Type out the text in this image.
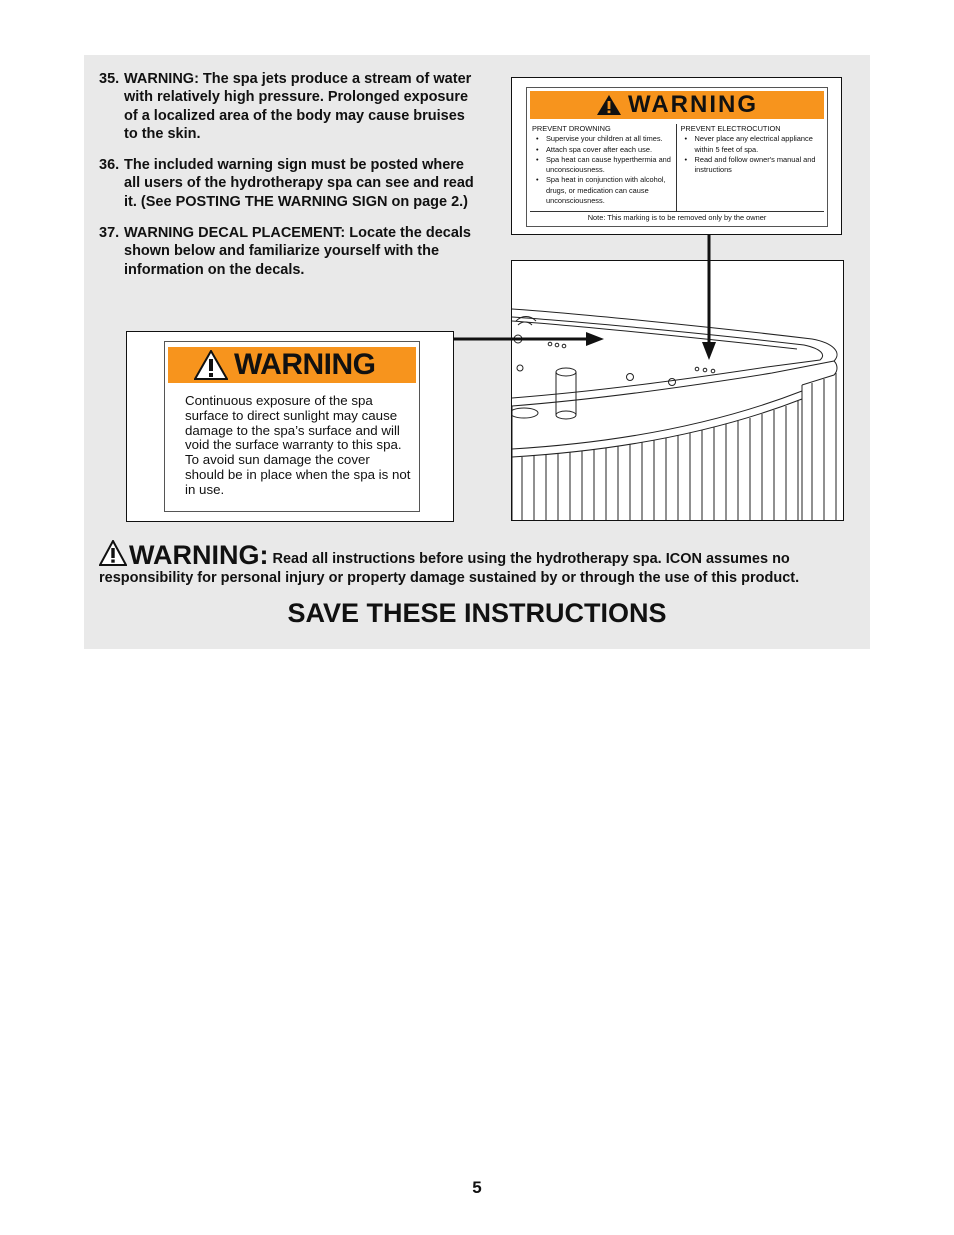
35. WARNING: The spa jets produce a stream of water with relatively high pressure. Prolonged exposure of a localized area of the body may cause bruises to the skin.
36. The included warning sign must be posted where all users of the hydrotherapy spa can see and read it. (See POSTING THE WARNING SIGN on page 2.)
37. WARNING DECAL PLACEMENT: Locate the decals shown below and familiarize yourself with the information on the decals.
WARNING
PREVENT DROWNING
• Supervise your children at all times.
• Attach spa cover after each use.
• Spa heat can cause hyperthermia and unconsciousness.
• Spa heat in conjunction with alcohol, drugs, or medication can cause unconsciousness.
PREVENT ELECTROCUTION
• Never place any electrical appliance within 5 feet of spa.
• Read and follow owner's manual and instructions
Note: This marking is to be removed only by the owner
WARNING
Continuous exposure of the spa surface to direct sunlight may cause damage to the spa’s surface and will void the surface warranty to this spa. To avoid sun damage the cover should be in place when the spa is not in use.
WARNING: Read all instructions before using the hydrotherapy spa. ICON assumes no responsibility for personal injury or property damage sustained by or through the use of this product.
SAVE THESE INSTRUCTIONS
5
